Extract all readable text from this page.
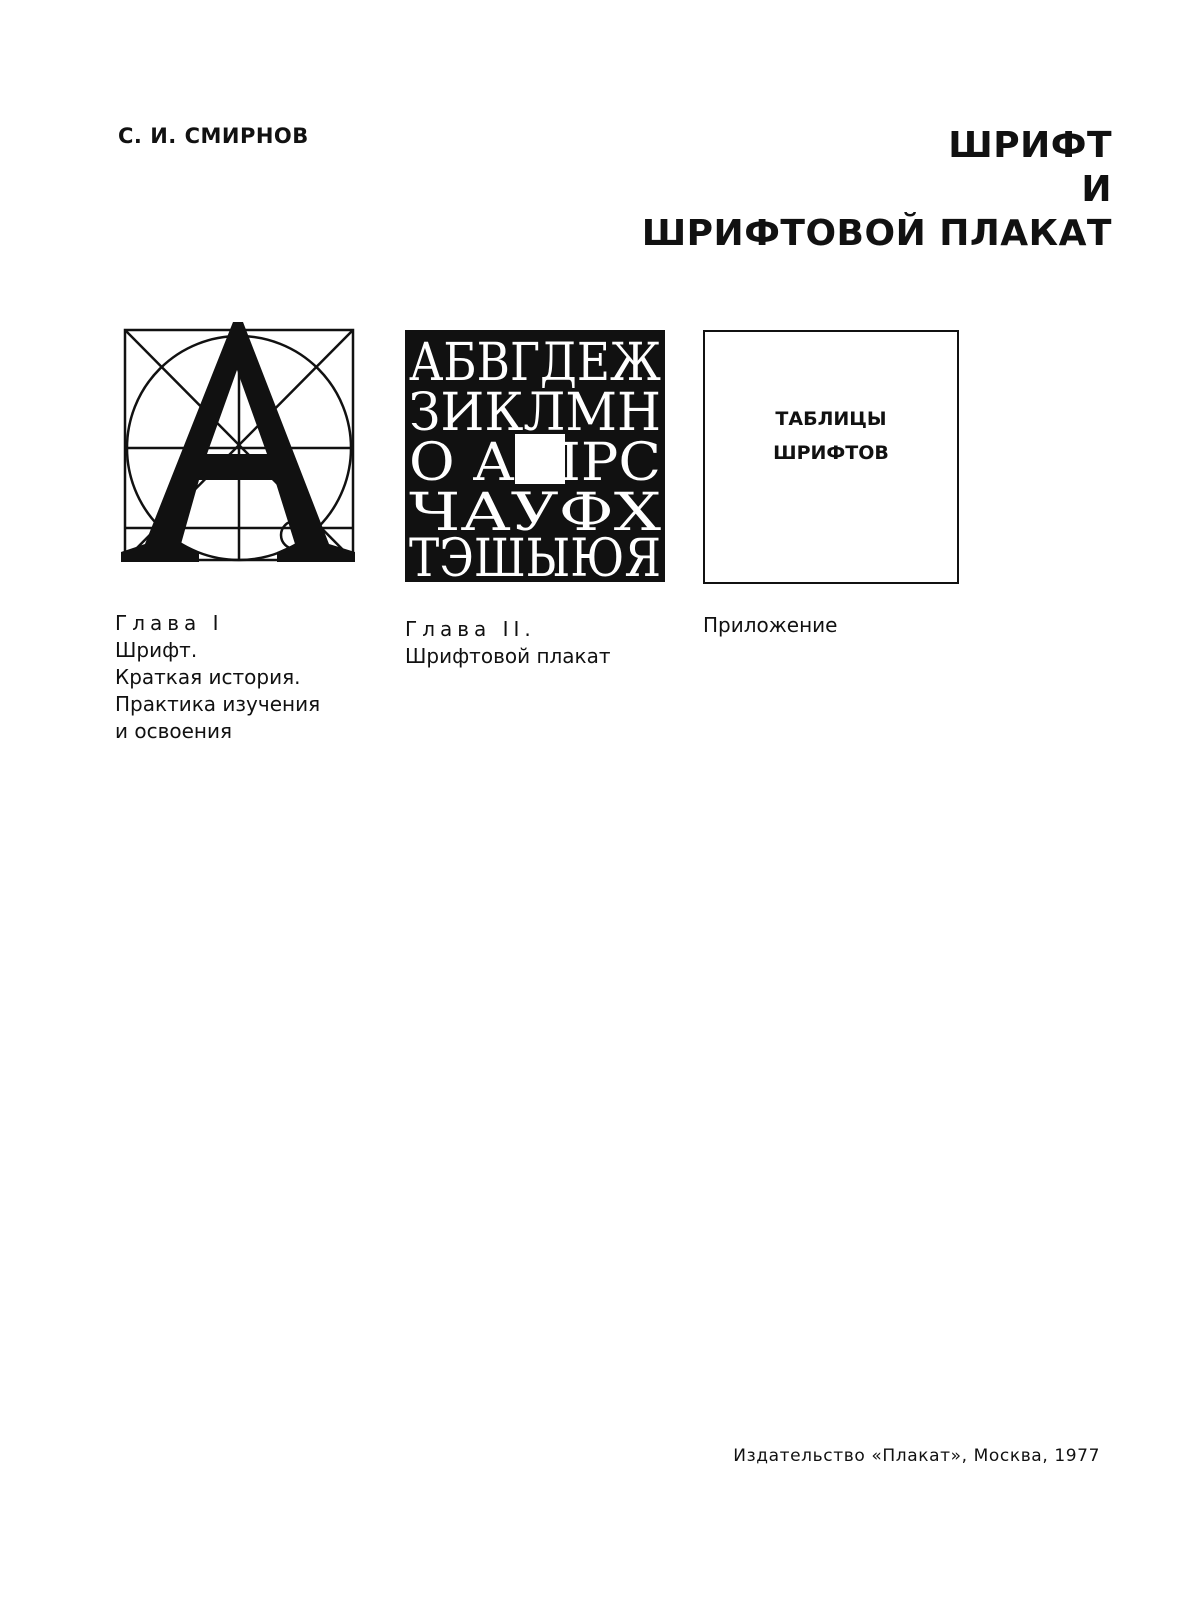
С. И. СМИРНОВ	ШРИФТ
И
ШРИФТОВОЙ ПЛАКАТ
Глава I
Шрифт.
Краткая история.
Практика изучения
и освоения
АБВГДЕЖ
ЗИКЛМН
О А ПРС
ЧАУФХ
ТЭШЫЮЯ
Глава II.
Шрифтовой плакат
ТАБЛИЦЫ
ШРИФТОВ
Приложение

Издательство «Плакат», Москва, 1977
